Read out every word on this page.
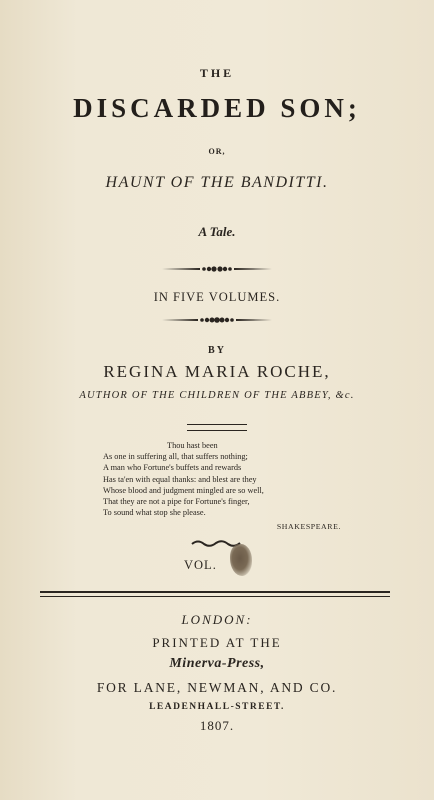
THE
DISCARDED SON;
OR,
HAUNT OF THE BANDITTI.
A Tale.
IN FIVE VOLUMES.
BY
REGINA MARIA ROCHE,
AUTHOR OF THE CHILDREN OF THE ABBEY, &c.
Thou hast been
As one in suffering all, that suffers nothing;
A man who Fortune's buffets and rewards
Has ta'en with equal thanks: and blest are they
Whose blood and judgment mingled are so well,
That they are not a pipe for Fortune's finger,
To sound what stop she please.
SHAKESPEARE.
VOL.
LONDON:
PRINTED AT THE
Minerva-Press,
FOR LANE, NEWMAN, AND CO.
LEADENHALL-STREET.
1807.
